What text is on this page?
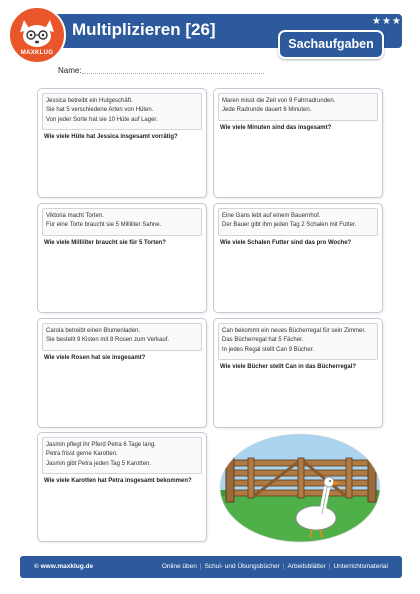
MAXKLUG
Multiplizieren [26]	★★★
Sachaufgaben
Name:
Jessica betreibt ein Hutgeschäft.
Sie hat 5 verschiedene Arten von Hüten.
Von jeder Sorte hat sie 10 Hüte auf Lager.
Wie viele Hüte hat Jessica insgesamt vorrätig?
Maren misst die Zeit von 9 Fahrradrunden.
Jede Radrunde dauert 6 Minuten.
Wie viele Minuten sind das insgesamt?
Viktoria macht Torten.
Für eine Torte braucht sie 5 Milliliter Sahne.
Wie viele Milliliter braucht sie für 5 Torten?
Eine Gans lebt auf einem Bauernhof.
Der Bauer gibt ihm jeden Tag 2 Schalen mit Futter.
Wie viele Schalen Futter sind das pro Woche?
Carola betreibt einen Blumenladen.
Sie bestellt 9 Kisten mit 8 Rosen zum Verkauf.
Wie viele Rosen hat sie insgesamt?
Can bekommt ein neues Bücherregal für sein Zimmer.
Das Bücherregal hat 5 Fächer.
In jedes Regal stellt Can 9 Bücher.
Wie viele Bücher stellt Can in das Bücherregal?
Jasmin pflegt ihr Pferd Petra 6 Tage lang.
Petra frisst gerne Karotten.
Jasmin gibt Petra jeden Tag 5 Karotten.
Wie viele Karotten hat Petra insgesamt bekommen?
© www.maxklug.de	Online üben | Schul- und Übungsbücher | Arbeitsblätter | Unterrichtsmaterial
